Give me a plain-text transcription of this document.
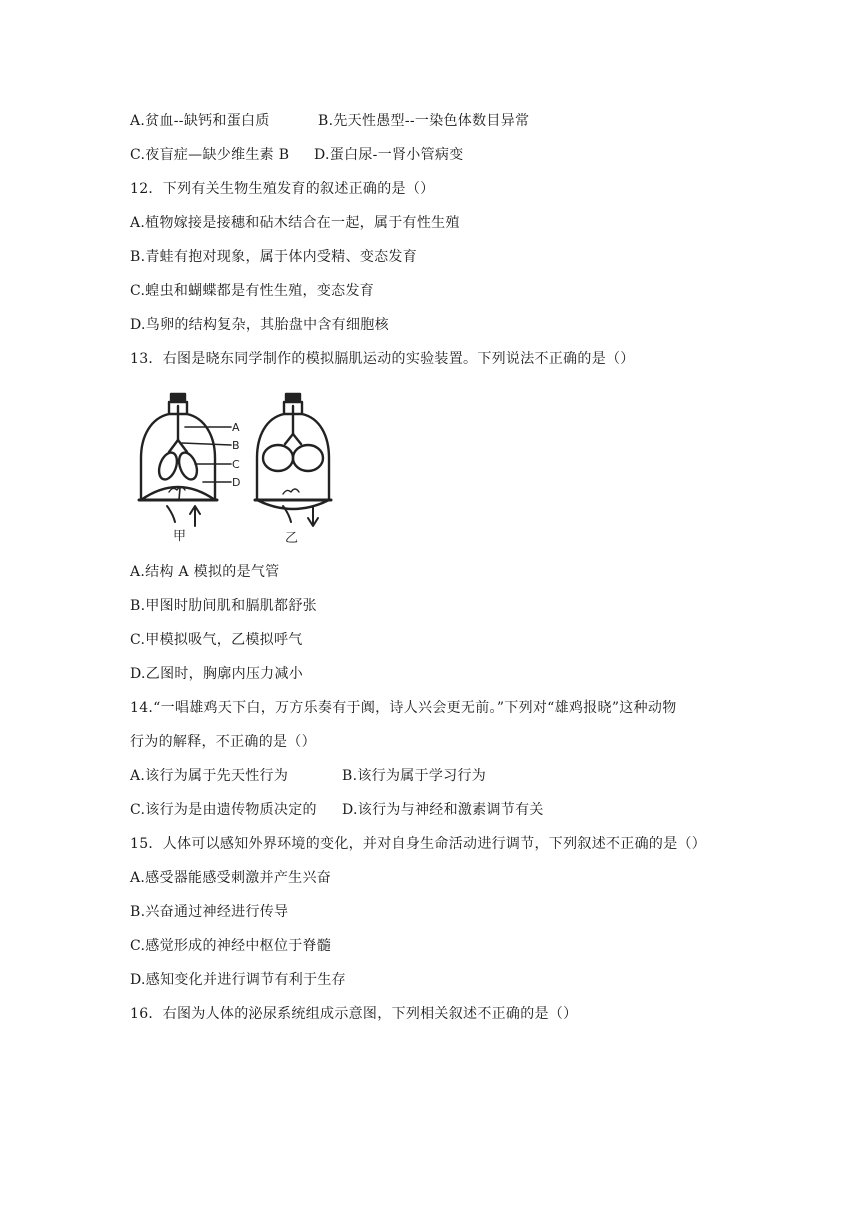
A.贫血--缺钙和蛋白质	B.先天性愚型--一染色体数目异常
C.夜盲症—缺少维生素 B D.蛋白尿-一肾小管病变
12．下列有关生物生殖发育的叙述正确的是（）
A.植物嫁接是接穗和砧木结合在一起，属于有性生殖
B.青蛙有抱对现象，属于体内受精、变态发育
C.蝗虫和蝴蝶都是有性生殖，变态发育
D.鸟卵的结构复杂，其胎盘中含有细胞核
13．右图是晓东同学制作的模拟膈肌运动的实验装置。下列说法不正确的是（）
A
B
C
D
甲	乙
A.结构 A 模拟的是气管
B.甲图时肋间肌和膈肌都舒张
C.甲模拟吸气，乙模拟呼气
D.乙图时，胸廓内压力减小
14.“一唱雄鸡天下白，万方乐奏有于阗，诗人兴会更无前。”下列对“雄鸡报晓”这种动物
行为的解释，不正确的是（）
A.该行为属于先天性行为	B.该行为属于学习行为
C.该行为是由遗传物质决定的 D.该行为与神经和激素调节有关
15．人体可以感知外界环境的变化，并对自身生命活动进行调节，下列叙述不正确的是（）
A.感受器能感受刺激并产生兴奋
B.兴奋通过神经进行传导
C.感觉形成的神经中枢位于脊髓
D.感知变化并进行调节有利于生存
16．右图为人体的泌尿系统组成示意图，下列相关叙述不正确的是（）
